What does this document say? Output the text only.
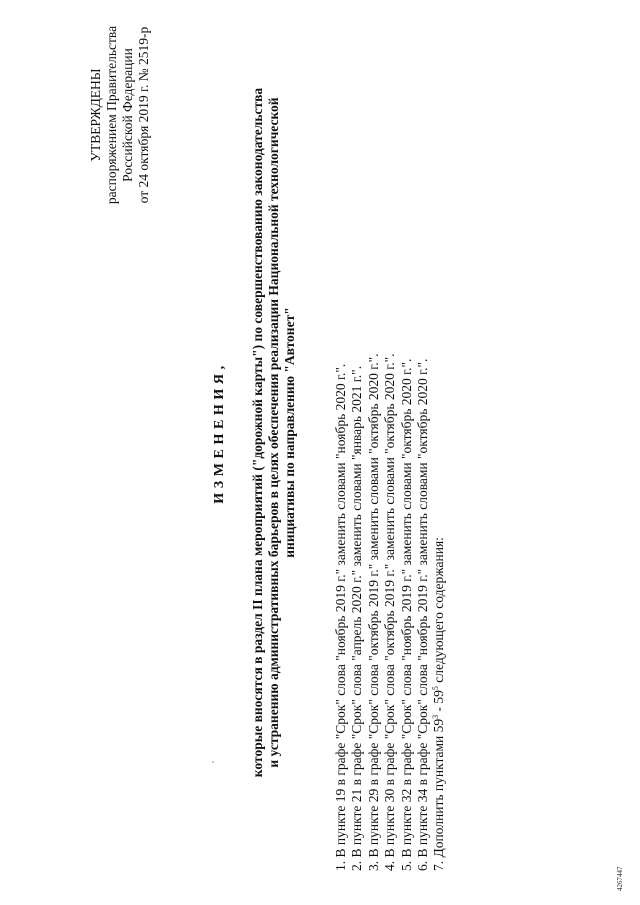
УТВЕРЖДЕНЫ распоряжением Правительства Российской Федерации от 24 октября 2019 г. № 2519-р
ИЗМЕНЕНИЯ, которые вносятся в раздел II плана мероприятий ("дорожной карты") по совершенствованию законодательства и устранению административных барьеров в целях обеспечения реализации Национальной технологической инициативы по направлению "Автонет"	1. В пункте 19 в графе "Срок" слова "ноябрь 2019 г." заменить словами "ноябрь 2020 г.". 2. В пункте 21 в графе "Срок" слова "апрель 2020 г." заменить словами "январь 2021 г.". 3. В пункте 29 в графе "Срок" слова "октябрь 2019 г." заменить словами "октябрь 2020 г.". 4. В пункте 30 в графе "Срок" слова "октябрь 2019 г." заменить словами "октябрь 2020 г.". 5. В пункте 32 в графе "Срок" слова "ноябрь 2019 г." заменить словами "октябрь 2020 г.". 6. В пункте 34 в графе "Срок" слова "ноябрь 2019 г." заменить словами "октябрь 2020 г.". 7. Дополнить пунктами $59^3 - 59^5$ следующего содержания:
4267447
